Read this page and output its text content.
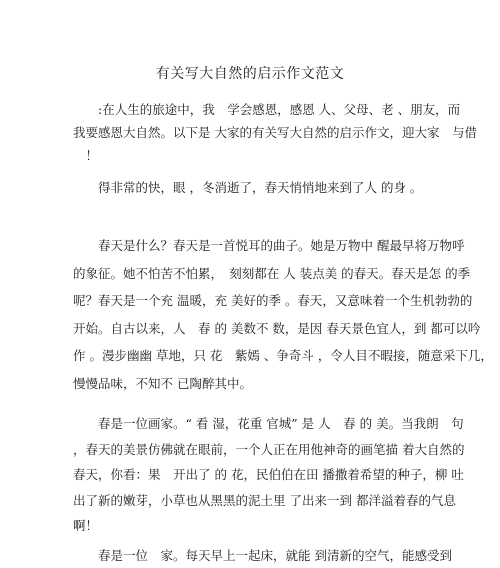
有关写大自然的启示作文范文
　　:在人生的旅途中，我　学会感恩，感恩 人、父母、老 、朋友，而
我要感恩大自然。以下是 大家的有关写大自然的启示作文，迎大家　与借
　！
　　得非常的快，眼 ，冬消逝了，春天悄悄地来到了人 的身 。
　　春天是什么？春天是一首悦耳的曲子。她是万物中 醒最早将万物呼
的象征。她不怕苦不怕累，　刻刻都在 人 装点美 的春天。春天是怎 的季
呢？春天是一个充 温暖，充 美好的季 。春天，又意味着一个生机勃勃的
开始。自古以来，人　春 的 美数不 数，是因 春天景色宜人，到 都可以吟
作 。漫步幽幽 草地，只 花　紫嫣 、争奇斗 ，令人目不暇接，随意采下几，
慢慢品味，不知不 已陶醉其中。
　　春是一位画家。“ 看 湿，花重 官城” 是 人　春 的 美。当我朗　句
，春天的美景仿佛就在眼前，一个人正在用他神奇的画笔描 着大自然的
春天，你看：果　开出了 的 花，民伯伯在田 播撒着希望的种子，柳 吐
出了新的嫩芽，小草也从黑黑的泥土里 了出来一到 都洋溢着春的气息
啊！
　　春是一位　家。每天早上一起床，就能 到清新的空气，能感受到
